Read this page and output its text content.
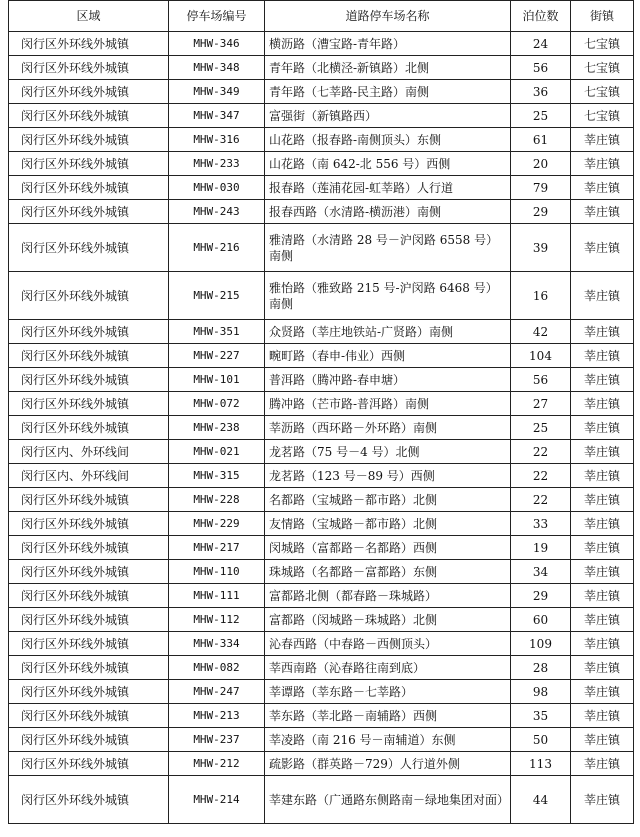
区域	停车场编号	道路停车场名称	泊位数	街镇
闵行区外环线外城镇	MHW-346	横沥路（漕宝路-青年路）	24	七宝镇
闵行区外环线外城镇	MHW-348	青年路（北横泾-新镇路）北侧	56	七宝镇
闵行区外环线外城镇	MHW-349	青年路（七莘路-民主路）南侧	36	七宝镇
闵行区外环线外城镇	MHW-347	富强街（新镇路西）	25	七宝镇
闵行区外环线外城镇	MHW-316	山花路（报春路-南侧顶头）东侧	61	莘庄镇
闵行区外环线外城镇	MHW-233	山花路（南 642-北 556 号）西侧	20	莘庄镇
闵行区外环线外城镇	MHW-030	报春路（莲浦花园-虹莘路）人行道	79	莘庄镇
闵行区外环线外城镇	MHW-243	报春西路（水清路-横沥港）南侧	29	莘庄镇
闵行区外环线外城镇	MHW-216	雅清路（水清路 28 号－沪闵路 6558 号）南侧	39	莘庄镇
闵行区外环线外城镇	MHW-215	雅怡路（雅致路 215 号-沪闵路 6468 号）南侧	16	莘庄镇
闵行区外环线外城镇	MHW-351	众贤路（莘庄地铁站-广贤路）南侧	42	莘庄镇
闵行区外环线外城镇	MHW-227	畹町路（春申-伟业）西侧	104	莘庄镇
闵行区外环线外城镇	MHW-101	普洱路（腾冲路-春申塘）	56	莘庄镇
闵行区外环线外城镇	MHW-072	腾冲路（芒市路-普洱路）南侧	27	莘庄镇
闵行区外环线外城镇	MHW-238	莘沥路（西环路－外环路）南侧	25	莘庄镇
闵行区内、外环线间	MHW-021	龙茗路（75 号－4 号）北侧	22	莘庄镇
闵行区内、外环线间	MHW-315	龙茗路（123 号－89 号）西侧	22	莘庄镇
闵行区外环线外城镇	MHW-228	名都路（宝城路－都市路）北侧	22	莘庄镇
闵行区外环线外城镇	MHW-229	友情路（宝城路－都市路）北侧	33	莘庄镇
闵行区外环线外城镇	MHW-217	闵城路（富都路－名都路）西侧	19	莘庄镇
闵行区外环线外城镇	MHW-110	珠城路（名都路－富都路）东侧	34	莘庄镇
闵行区外环线外城镇	MHW-111	富都路北侧（都春路－珠城路）	29	莘庄镇
闵行区外环线外城镇	MHW-112	富都路（闵城路－珠城路）北侧	60	莘庄镇
闵行区外环线外城镇	MHW-334	沁春西路（中春路－西侧顶头）	109	莘庄镇
闵行区外环线外城镇	MHW-082	莘西南路（沁春路往南到底）	28	莘庄镇
闵行区外环线外城镇	MHW-247	莘谭路（莘东路－七莘路）	98	莘庄镇
闵行区外环线外城镇	MHW-213	莘东路（莘北路－南辅路）西侧	35	莘庄镇
闵行区外环线外城镇	MHW-237	莘凌路（南 216 号－南辅道）东侧	50	莘庄镇
闵行区外环线外城镇	MHW-212	疏影路（群英路－729）人行道外侧	113	莘庄镇
闵行区外环线外城镇	MHW-214	莘建东路（广通路东侧路南－绿地集团对面）	44	莘庄镇
